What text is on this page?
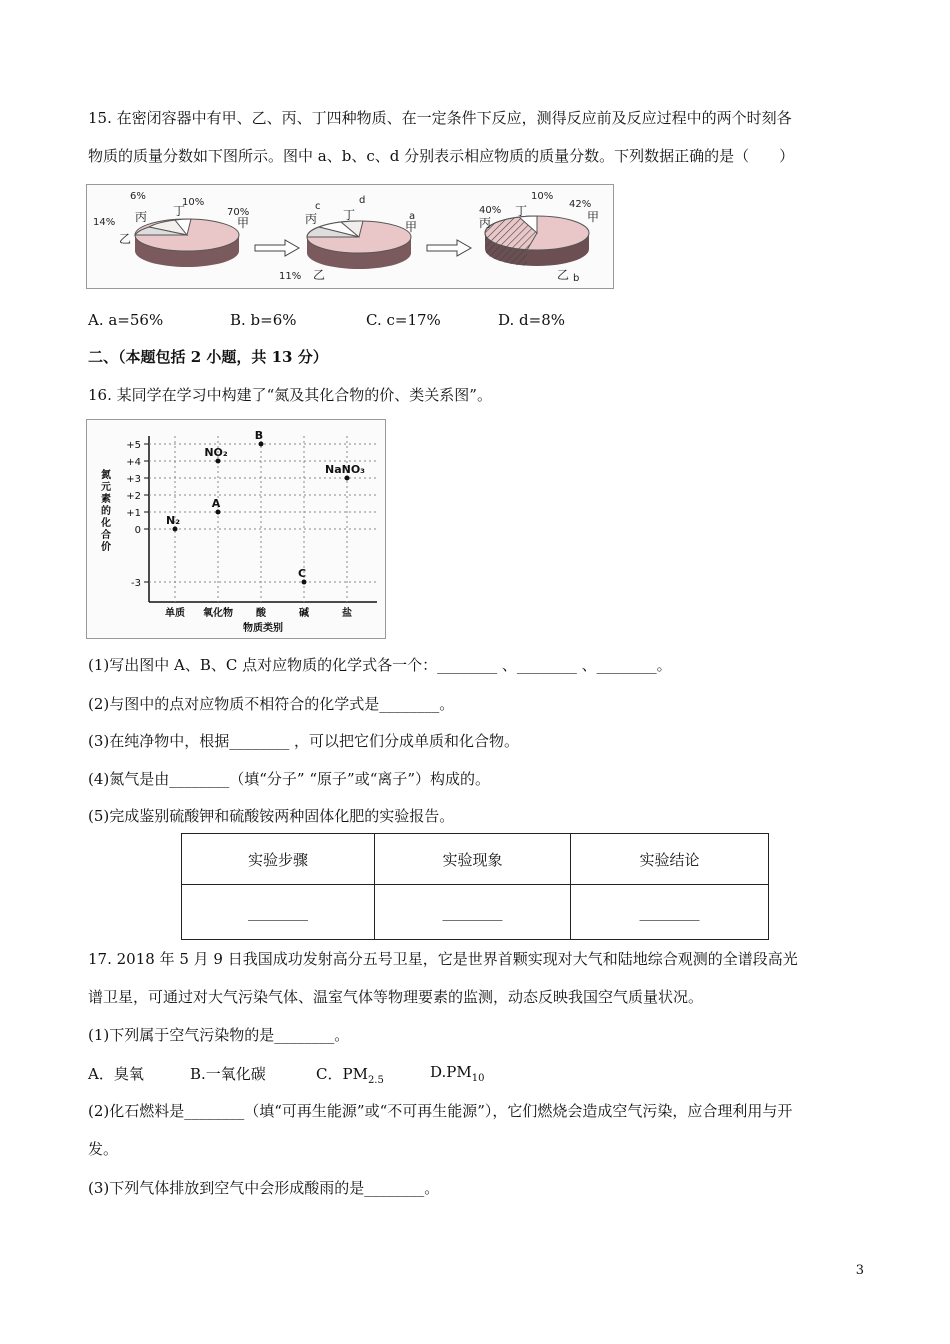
15. 在密闭容器中有甲、乙、丙、丁四种物质、在一定条件下反应，测得反应前及反应过程中的两个时刻各
物质的质量分数如下图所示。图中 a、b、c、d 分别表示相应物质的质量分数。下列数据正确的是（　　）
6%
10%
14%
70%
丙 丁
乙
甲
c
d
a
丙 丁
甲
11% 乙
10%
40%
42%
丁
丙	甲
乙 b
A. a=56%	B. b=6%	C. c=17%	D. d=8%
二、（本题包括 2 小题，共 13 分）
16. 某同学在学习中构建了“氮及其化合物的价、类关系图”。
+5
+4
+3
+2
+1
0
-3
单质 氧化物 酸	碱	盐
N₂
NO₂
A
B
C
NaNO₃
氮元素的化合价
物质类别
(1)写出图中 A、B、C 点对应物质的化学式各一个：________ 、________ 、________。
(2)与图中的点对应物质不相符合的化学式是________。
(3)在纯净物中，根据________ ，可以把它们分成单质和化合物。
(4)氮气是由________（填“分子” “原子”或“离子”）构成的。
(5)完成鉴别硫酸钾和硫酸铵两种固体化肥的实验报告。
实验步骤	实验现象	实验结论
________	________	________
17. 2018 年 5 月 9 日我国成功发射高分五号卫星，它是世界首颗实现对大气和陆地综合观测的全谱段高光
谱卫星，可通过对大气污染气体、温室气体等物理要素的监测，动态反映我国空气质量状况。
(1)下列属于空气污染物的是________。
A．臭氧	B.一氧化碳	C．$PM_{2.5}$	$D.PM_{10}$
(2)化石燃料是________（填“可再生能源”或“不可再生能源”），它们燃烧会造成空气污染，应合理利用与开
发。
(3)下列气体排放到空气中会形成酸雨的是________。
3
